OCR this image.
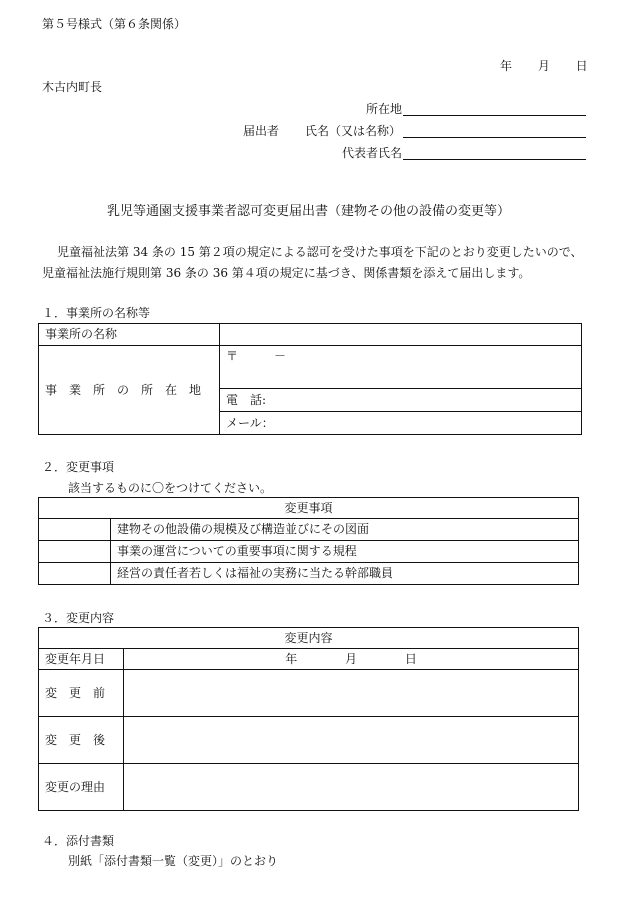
第５号様式（第６条関係）
年 月 日
木古内町長
所在地
届出者 氏名（又は名称）
代表者氏名
乳児等通園支援事業者認可変更届出書（建物その他の設備の変更等）
児童福祉法第 34 条の 15 第２項の規定による認可を受けた事項を下記のとおり変更したいので、
児童福祉法施行規則第 36 条の 36 第４項の規定に基づき、関係書類を添えて届出します。
１．事業所の名称等
事業所の名称	
事業所の所在地	〒　　　－
	電　話:
	メール：
２．変更事項
該当するものに〇をつけてください。
変更事項	
	建物その他設備の規模及び構造並びにその図面
	事業の運営についての重要事項に関する規程
	経営の責任者若しくは福祉の実務に当たる幹部職員
３．変更内容
変更内容	
変更年月日	年 月 日
変更前	
変更後	
変更の理由	
４．添付書類
別紙「添付書類一覧（変更）」のとおり
